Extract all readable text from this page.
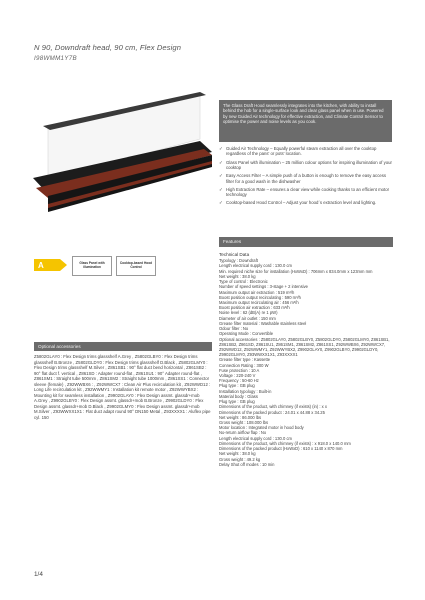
N 90, Downdraft head, 90 cm, Flex Design
I98WMM1Y7B
The Glass Draft Hood seamlessly integrates into the kitchen, with ability to install behind the hob for a single-surface look and clear glass panel when in use. Powered by new Guided Air technology for effective extraction, and Climate Control Sensor to optimise the power and noise levels as you cook.
✓ Guided Air Technology – Equally powerful steam extraction all over the cooktop regardless of the pans' or pots' location.
✓ Glass Panel with illumination – 25 million colour options for inspiring illumination of your cooktop
✓ Easy Access Filter – A simple push of a button is enough to remove the easy access filter for a good wash in the dishwasher
✓ High Extraction Rate – ensures a clear view while cooking thanks to an efficient motor technology
✓ Cooktop-based Hood Control – Adjust your hood´s extraction level and lighting.
A	Glass Panel with illumination
Cooktop-based Hood Control
Optional accessories
Z5802GLAY0 : Flex Design trims glassshelf A.Grey , Z5802GLBY0 : Flex Design trims glassshelf B.Bronze , Z5802GLDY0 : Flex Design trims glassshelf D.Black , Z5802GLMY0 : Flex Design trims glassshelf M.Silver , Z861SB1 : 90° flat duct bend horizontal , Z861SB2 : 90° flat duct f. vertical , Z861SD : Adapter round-flat , Z861SU1 : 90° Adapter round-flat , Z861SM1 : Straight tube 500mm , Z861SM2 : Straight tube 1000mm , Z861SS1 : Connector sleeve (female) , Z92WWBX6 : , Z92WWCX7 : Clean Air Plus recirculation kit , Z92WWD12 : Long Life recirculation kit , Z92WWMY1 : Installation kit remote motor , Z92WWYBX2 : Mounting kit for seamless installation , Z9902GLAY0 : Flex Design assmt. glassdr+mob A.Grey , Z9902GLBY0 : Flex Design assmt. glassdr+mob B.Bronze , Z9902GLDY0 : Flex Design assmt. glassdr+mob D.Black , Z9902GLMY0 : Flex Design assmt. glassdr+mob M.Silver , Z93WWXX1X1 : Flat duct adapt round 90° DN150 Metal , Z93XXXX1 : Aluflex pipe cyl. 150
Features
Technical Data
Typology : Downdraft
Length electrical supply cord : 130.0 cm
Min. required niche size for installation (HxWxD) : 706mm x 834.0mm x 123mm mm
Net weight : 38.0 kg
Type of control : Electronic
Number of speed settings : 3-stage + 2 intensive
Maximum output air extraction : 519 m³/h
Boost position output recirculating : 590 m³/h
Maximum output recirculating air : 456 m³/h
Boost position air extraction : 633 m³/h
Noise level : 62 (dB(A) re 1 pW)
Diameter of air outlet : 150 mm
Grease filter material : Washable stainless steel
Odour filter : No
Operating Mode : Convertible
Optional accessories : Z5802GLAY0, Z5802GLBY0, Z5802GLDY0, Z5802GLMY0, Z861SB1, Z861SB2, Z861SD, Z861SU1, Z861SM1, Z861SM2, Z861SS1, Z92WWBX6, Z92WWCX7, Z92WWD12, Z92WWMY1, Z92WWYBX2, Z9902GLAY0, Z9902GLBY0, Z9902GLDY0, Z9902GLMY0, Z93WWXX1X1, Z93XXXX1
Grease filter type : Kassette
Connection Rating : 300 W
Fuse protection : 10 A
Voltage : 220-240 V
Frequency : 50-60 Hz
Plug type : GB plug
Installation typology : Built-in
Material body : Glass
Plug type : GB plug
Dimensions of the product, with chimney (if exists) (in) : x x
Dimensions of the packed product : 24.01 x 44.88 x 34.25
Net weight : 86.000 lbs
Gross weight : 108.000 lbs
Motor location : Integrated motor in hood body
No-return airflow flap : No
Length electrical supply cord : 130.0 cm
Dimensions of the product, with chimney (if exists) : x 918.0 x 140.0 mm
Dimensions of the packed product (HxWxD) : 610 x 1140 x 870 mm
Net weight : 38.0 kg
Gross weight : 49.2 kg
Delay Shut off modes : 10 min
1/4
